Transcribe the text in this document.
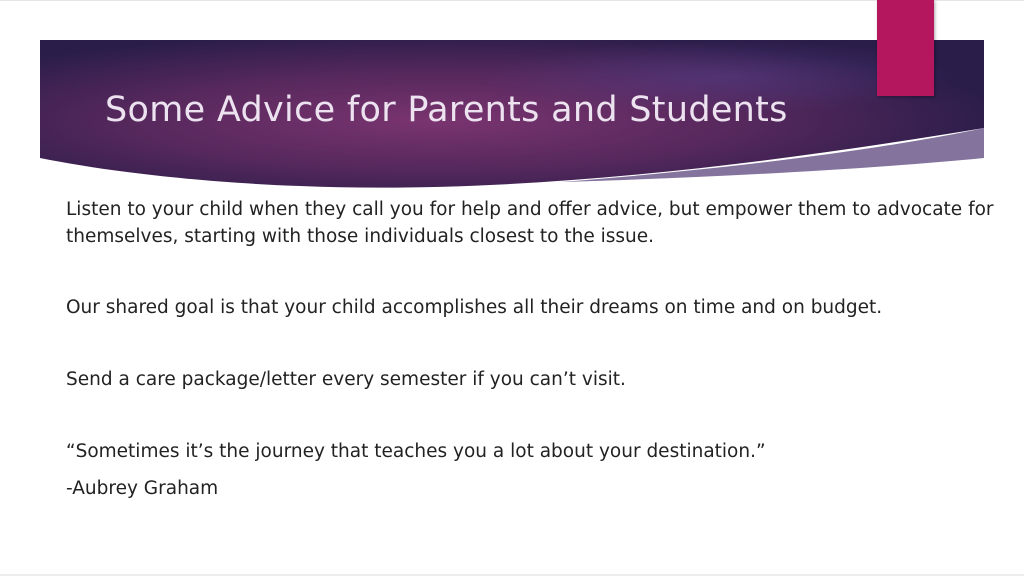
Some Advice for Parents and Students

Listen to your child when they call you for help and offer advice, but empower them to advocate for themselves, starting with those individuals closest to the issue.

Our shared goal is that your child accomplishes all their dreams on time and on budget.

Send a care package/letter every semester if you can’t visit.

“Sometimes it’s the journey that teaches you a lot about your destination.”

-Aubrey Graham
